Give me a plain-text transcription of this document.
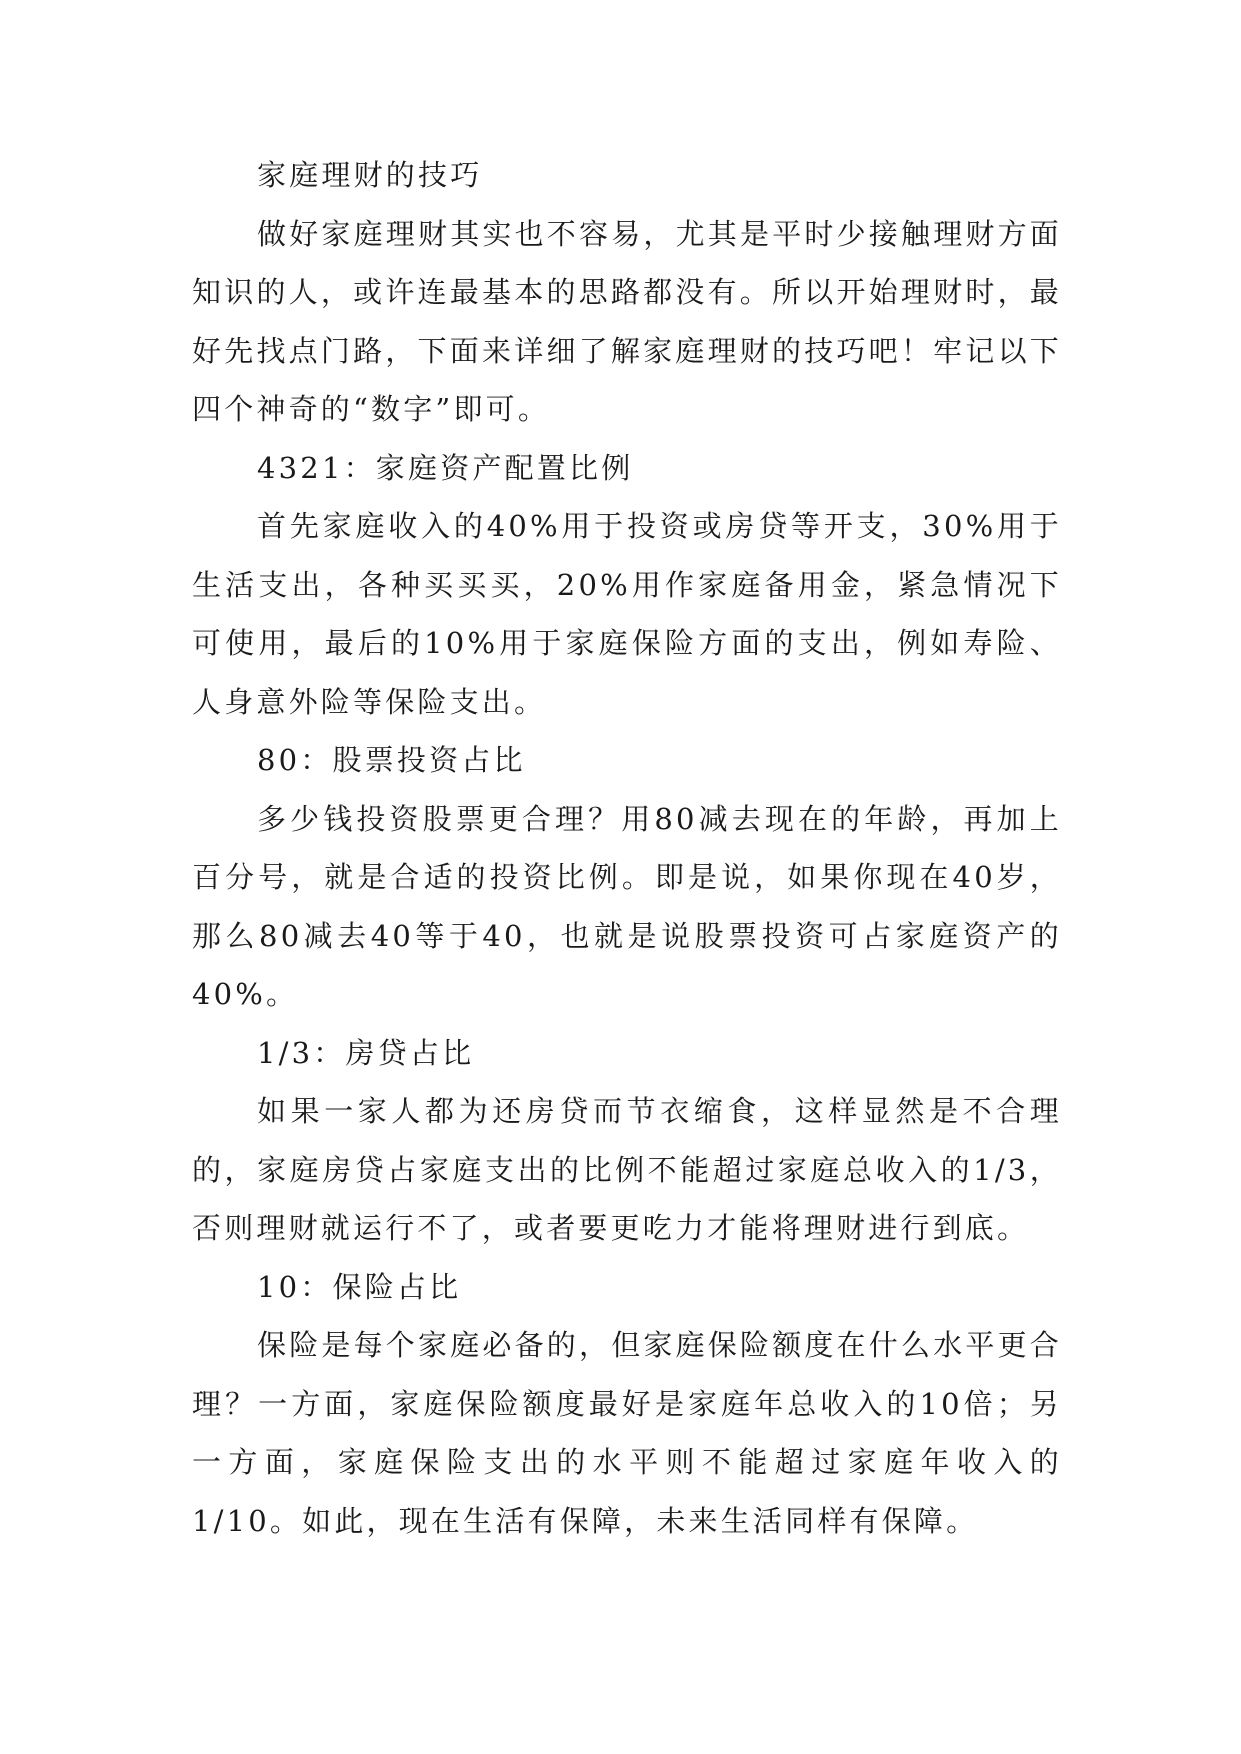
家庭理财的技巧

做好家庭理财其实也不容易，尤其是平时少接触理财方面知识的人，或许连最基本的思路都没有。所以开始理财时，最好先找点门路，下面来详细了解家庭理财的技巧吧！牢记以下四个神奇的“数字”即可。

4321：家庭资产配置比例

首先家庭收入的40%用于投资或房贷等开支，30%用于生活支出，各种买买买，20%用作家庭备用金，紧急情况下可使用，最后的10%用于家庭保险方面的支出，例如寿险、人身意外险等保险支出。

80：股票投资占比

多少钱投资股票更合理？用80减去现在的年龄，再加上百分号，就是合适的投资比例。即是说，如果你现在40岁，那么80减去40等于40，也就是说股票投资可占家庭资产的40%。

1/3：房贷占比

如果一家人都为还房贷而节衣缩食，这样显然是不合理的，家庭房贷占家庭支出的比例不能超过家庭总收入的1/3，否则理财就运行不了，或者要更吃力才能将理财进行到底。

10：保险占比

保险是每个家庭必备的，但家庭保险额度在什么水平更合理？一方面，家庭保险额度最好是家庭年总收入的10倍；另一方面，家庭保险支出的水平则不能超过家庭年收入的1/10。如此，现在生活有保障，未来生活同样有保障。
